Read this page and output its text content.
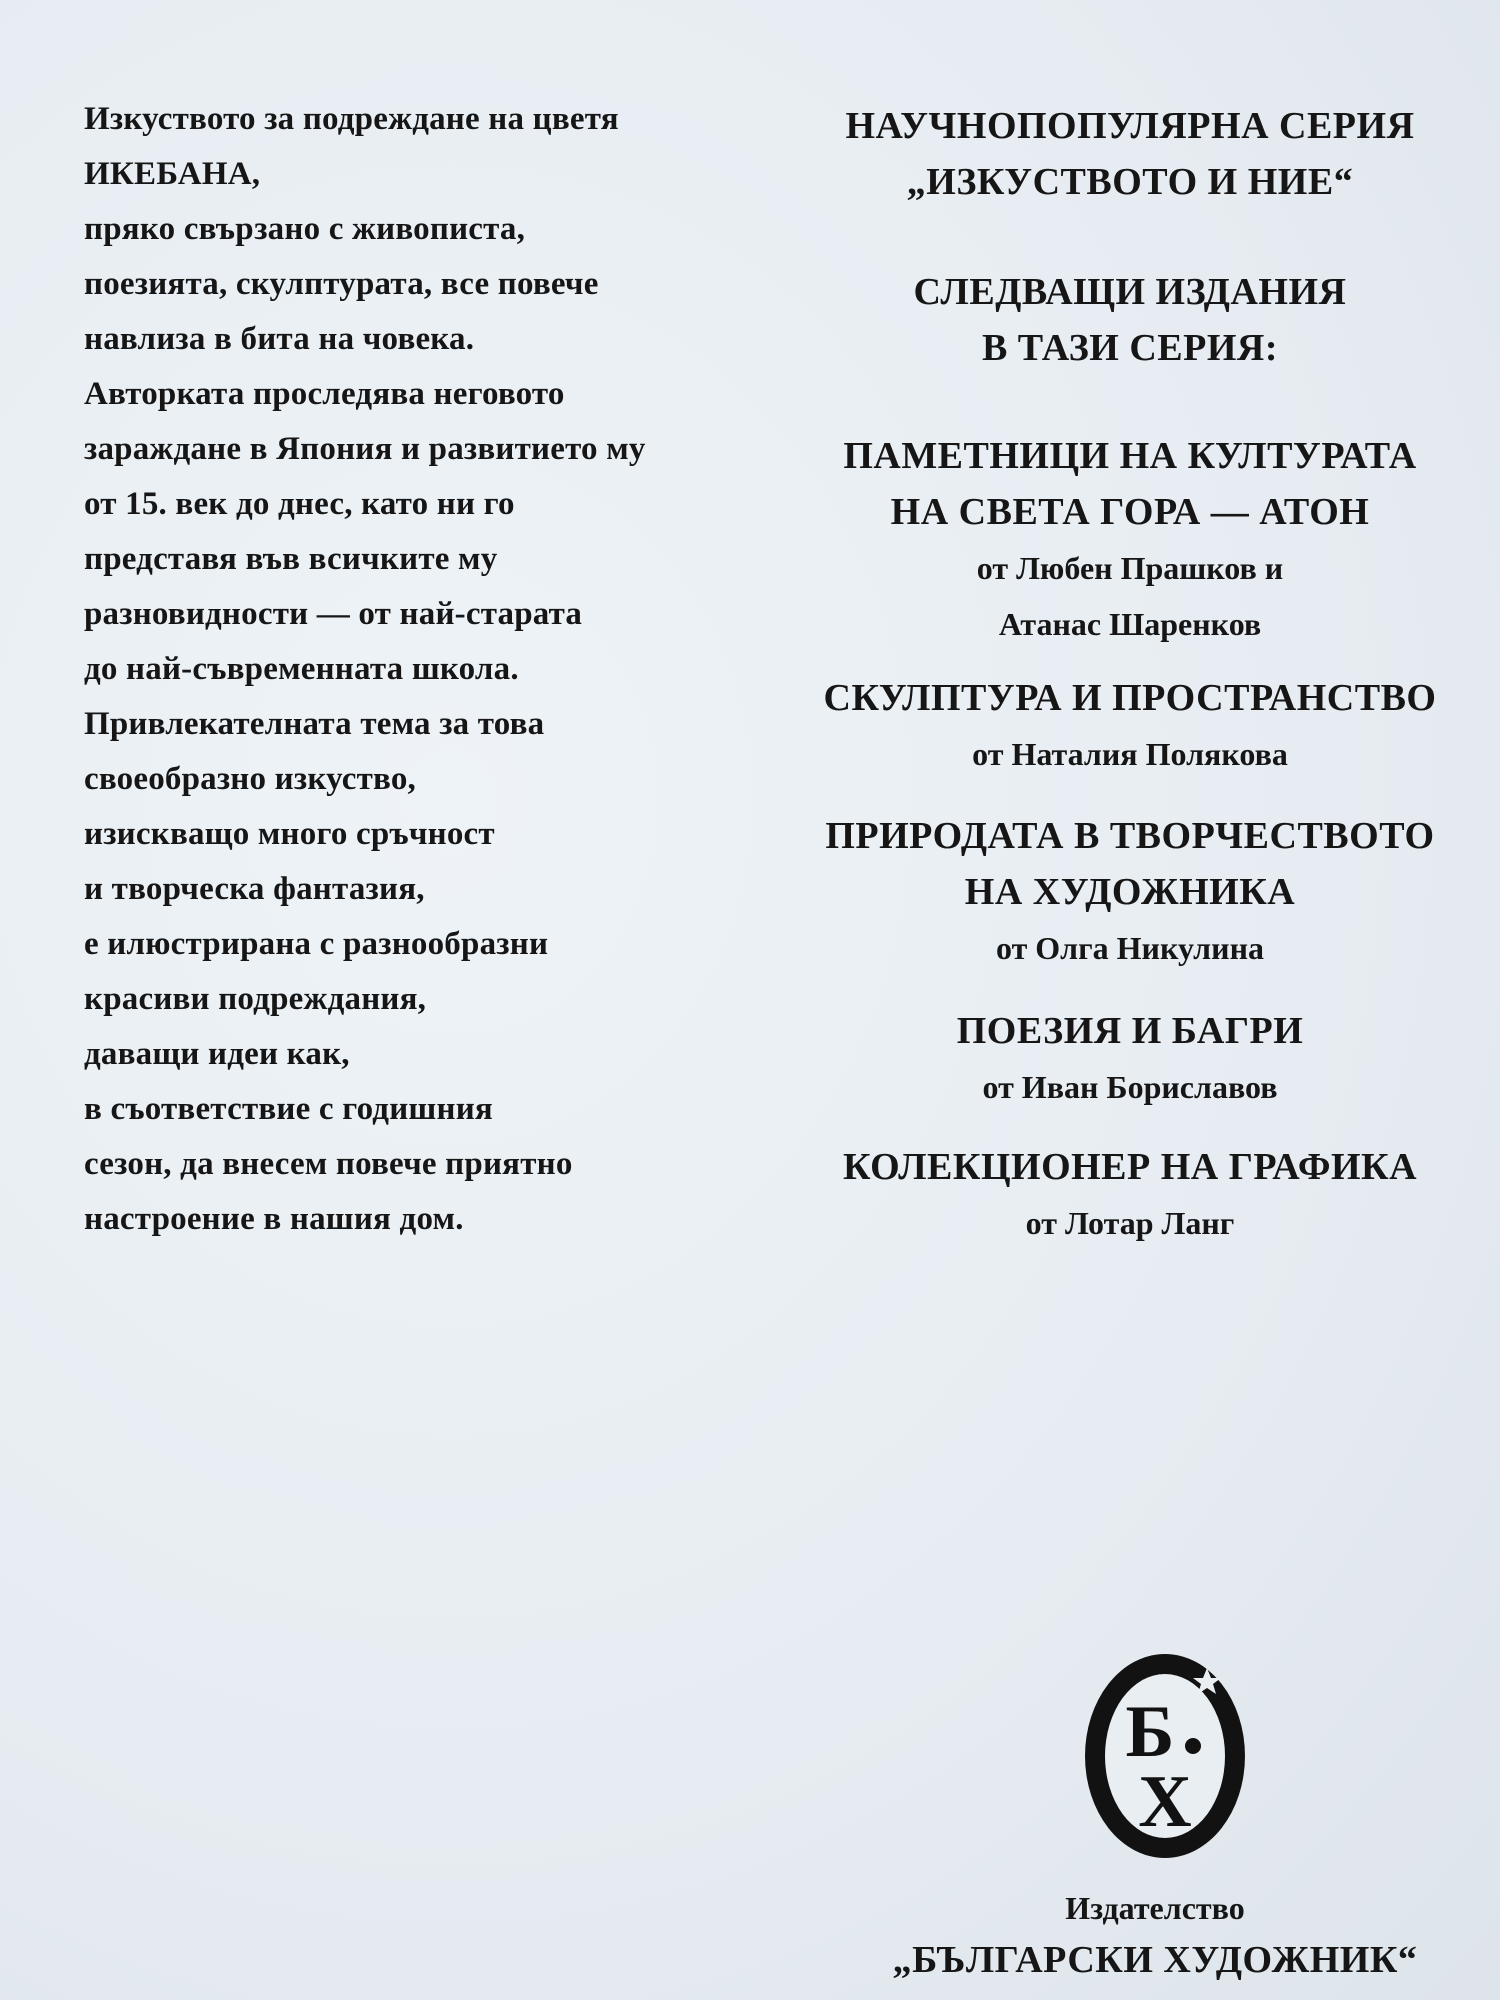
Изкуството за подреждане на цветя
ИКЕБАНА,
пряко свързано с живописта,
поезията, скулптурата, все повече
навлиза в бита на човека.
Авторката проследява неговото
зараждане в Япония и развитието му
от 15. век до днес, като ни го
представя във всичките му
разновидности — от най-старата
до най-съвременната школа.
Привлекателната тема за това
своеобразно изкуство,
изискващо много сръчност
и творческа фантазия,
е илюстрирана с разнообразни
красиви подреждания,
даващи идеи как,
в съответствие с годишния
сезон, да внесем повече приятно
настроение в нашия дом.
НАУЧНОПОПУЛЯРНА СЕРИЯ
„ИЗКУСТВОТО И НИЕ“
СЛЕДВАЩИ ИЗДАНИЯ
В ТАЗИ СЕРИЯ:
ПАМЕТНИЦИ НА КУЛТУРАТА
НА СВЕТА ГОРА — АТОН
от Любен Прашков и
Атанас Шаренков
СКУЛПТУРА И ПРОСТРАНСТВО
от Наталия Полякова
ПРИРОДАТА В ТВОРЧЕСТВОТО
НА ХУДОЖНИКА
от Олга Никулина
ПОЕЗИЯ И БАГРИ
от Иван Бориславов
КОЛЕКЦИОНЕР НА ГРАФИКА
от Лотар Ланг
Б
Х
Издателство
„БЪЛГАРСКИ ХУДОЖНИК“
